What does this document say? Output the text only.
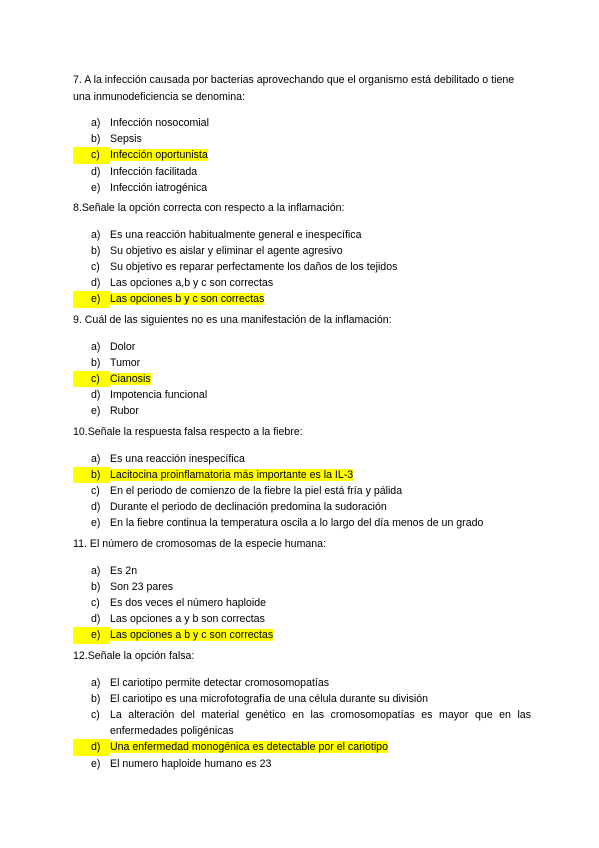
7. A la infección causada por bacterias aprovechando que el organismo está debilitado o tiene una inmunodeficiencia se denomina:

a) Infección nosocomial
b) Sepsis
c) Infección oportunista
d) Infección facilitada
e) Infección iatrogénica

8.Señale la opción correcta con respecto a la inflamación:

a) Es una reacción habitualmente general e inespecífica
b) Su objetivo es aislar y eliminar el agente agresivo
c) Su objetivo es reparar perfectamente los daños de los tejidos
d) Las opciones a,b y c son correctas
e) Las opciones b y c son correctas

9. Cuál de las siguientes no es una manifestación de la inflamación:

a) Dolor
b) Tumor
c) Cianosis
d) Impotencia funcional
e) Rubor

10.Señale la respuesta falsa respecto a la fiebre:

a) Es una reacción inespecífica
b) Lacitocina proinflamatoria más importante es la IL-3
c) En el periodo de comienzo de la fiebre la piel está fría y pálida
d) Durante el periodo de declinación predomina la sudoración
e) En la fiebre continua la temperatura oscila a lo largo del día menos de un grado

11. El número de cromosomas de la especie humana:

a) Es 2n
b) Son 23 pares
c) Es dos veces el número haploide
d) Las opciones a y b son correctas
e) Las opciones a b y c son correctas

12.Señale la opción falsa:

a) El cariotipo permite detectar cromosomopatías
b) El cariotipo es una microfotografía de una célula durante su división
c) La alteración del material genético en las cromosomopatías es mayor que en las enfermedades poligénicas
d) Una enfermedad monogénica es detectable por el cariotipo
e) El numero haploide humano es 23
